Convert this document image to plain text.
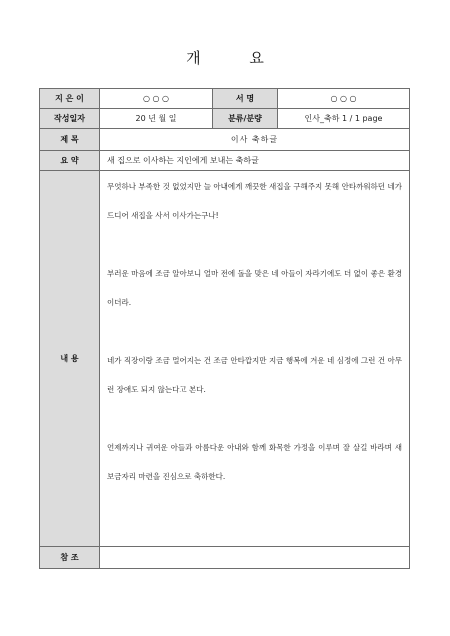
개 요
지 은 이	○ ○ ○	서 명	○ ○ ○
작성일자	20 년 월 일	분류/분량	인사_축하 1 / 1 page
제 목	이사 축하글		
요 약	새 집으로 이사하는 지인에게 보내는 축하글		
내 용	무엇하나 부족한 것 없었지만 늘 아내에게 깨끗한 새집을 구해주지 못해 안타까워하던 네가 드디어 새집을 사서 이사가는구나!

부러운 마음에 조금 알아보니 얼마 전에 돌을 맞은 네 아들이 자라기에도 더 없이 좋은 환경이더라.

네가 직장이랑 조금 멀어지는 건 조금 안타깝지만 지금 행복에 겨운 네 심정에 그런 건 아무런 장애도 되지 않는다고 본다.

언제까지나 귀여운 아들과 아름다운 아내와 함께 화목한 가정을 이루며 잘 살길 바라며 새 보금자리 마련을 진심으로 축하한다.		

참 조			
